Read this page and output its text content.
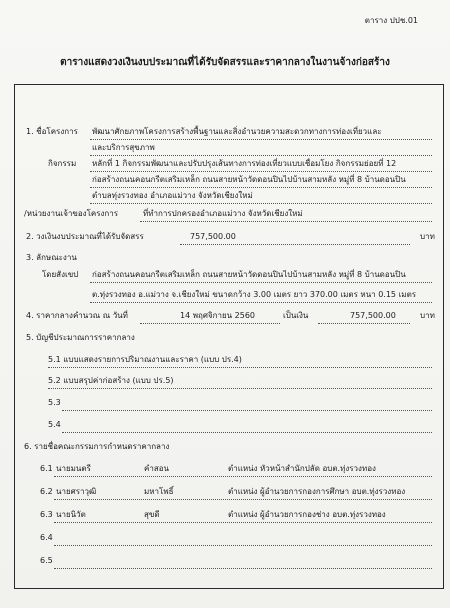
ตาราง ปปช.01
ตารางแสดงวงเงินงบประมาณที่ได้รับจัดสรรและราคากลางในงานจ้างก่อสร้าง
1. ชื่อโครงการ พัฒนาศักยภาพโครงการสร้างพื้นฐานและสิ่งอำนวยความสะดวกทางการท่องเที่ยวและ
และบริการสุขภาพ
กิจกรรม หลักที่ 1 กิจกรรมพัฒนาและปรับปรุงเส้นทางการท่องเที่ยวแบบเชื่อมโยง กิจกรรมย่อยที่ 12
ก่อสร้างถนนคอนกรีตเสริมเหล็ก ถนนสายหน้าวัดดอนปินไปบ้านสามหลัง หมู่ที่ 8 บ้านดอนปิน
ตำบลทุ่งรวงทอง อำเภอแม่วาง จังหวัดเชียงใหม่
/หน่วยงานเจ้าของโครงการ	ที่ทำการปกครองอำเภอแม่วาง จังหวัดเชียงใหม่
2. วงเงินงบประมาณที่ได้รับจัดสรร	757,500.00	บาท
3. ลักษณะงาน
โดยสังเขป ก่อสร้างถนนคอนกรีตเสริมเหล็ก ถนนสายหน้าวัดดอนปินไปบ้านสามหลัง หมู่ที่ 8 บ้านดอนปิน
ต.ทุ่งรวงทอง อ.แม่วาง จ.เชียงใหม่ ขนาดกว้าง 3.00 เมตร ยาว 370.00 เมตร หนา 0.15 เมตร
4. ราคากลางคำนวณ ณ วันที่	14 พฤศจิกายน 2560	เป็นเงิน	757,500.00	บาท
5. บัญชีประมาณการราคากลาง
5.1 แบบแสดงรายการปริมาณงานและราคา (แบบ ปร.4)
5.2 แบบสรุปค่าก่อสร้าง (แบบ ปร.5)
5.3
5.4
6. รายชื่อคณะกรรมการกำหนดราคากลาง
6.1 นายมนตรี	คำสอน	ตำแหน่ง หัวหน้าสำนักปลัด อบต.ทุ่งรวงทอง
6.2 นายศราวุฒิ	มหาโพธิ์	ตำแหน่ง ผู้อำนวยการกองการศึกษา อบต.ทุ่งรวงทอง
6.3 นายนิวัต	สุขดี	ตำแหน่ง ผู้อำนวยการกองช่าง อบต.ทุ่งรวงทอง
6.4
6.5
